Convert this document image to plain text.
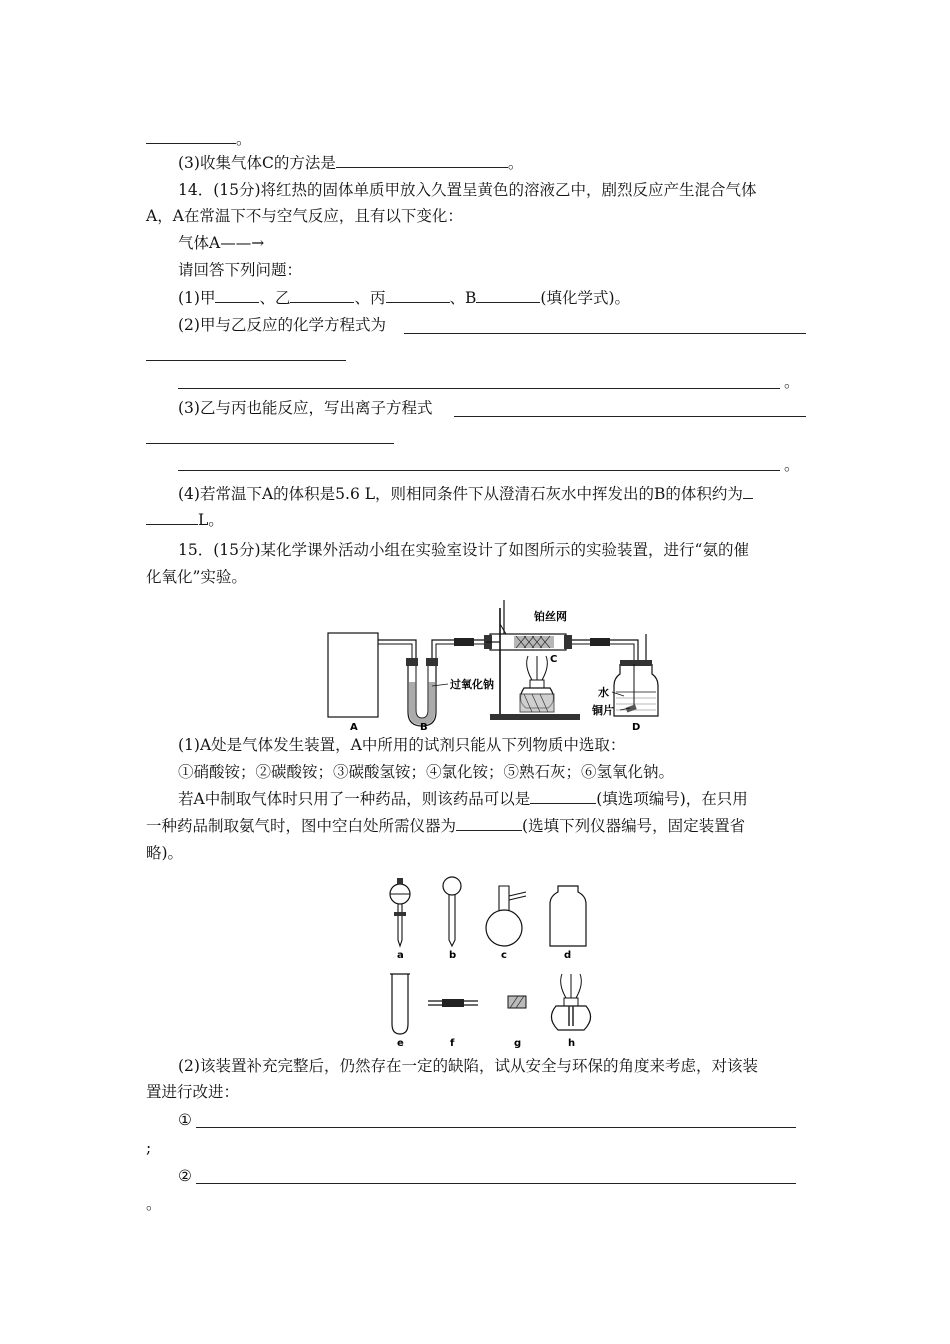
。
(3)收集气体C的方法是	。
14．(15分)将红热的固体单质甲放入久置呈黄色的溶液乙中，剧烈反应产生混合气体
A，A在常温下不与空气反应，且有以下变化：
气体A——→
请回答下列问题：
(1)甲	、乙	、丙	、B	(填化学式)。
(2)甲与乙反应的化学方程式为
。
(3)乙与丙也能反应，写出离子方程式
。
(4)若常温下A的体积是5.6 L，则相同条件下从澄清石灰水中挥发出的B的体积约为
L。
15．(15分)某化学课外活动小组在实验室设计了如图所示的实验装置，进行“氨的催
化氧化”实验。
A	B
铂丝网
C
过氧化钠
水
铜片
D
(1)A处是气体发生装置，A中所用的试剂只能从下列物质中选取：
①硝酸铵；②碳酸铵；③碳酸氢铵；④氯化铵；⑤熟石灰；⑥氢氧化钠。
若A中制取气体时只用了一种药品，则该药品可以是	(填选项编号)，在只用
一种药品制取氨气时，图中空白处所需仪器为	(选填下列仪器编号，固定装置省
略)。
a	b	c	d
e	f	g	h
(2)该装置补充完整后，仍然存在一定的缺陷，试从安全与环保的角度来考虑，对该装
置进行改进：
①
;
②
。
